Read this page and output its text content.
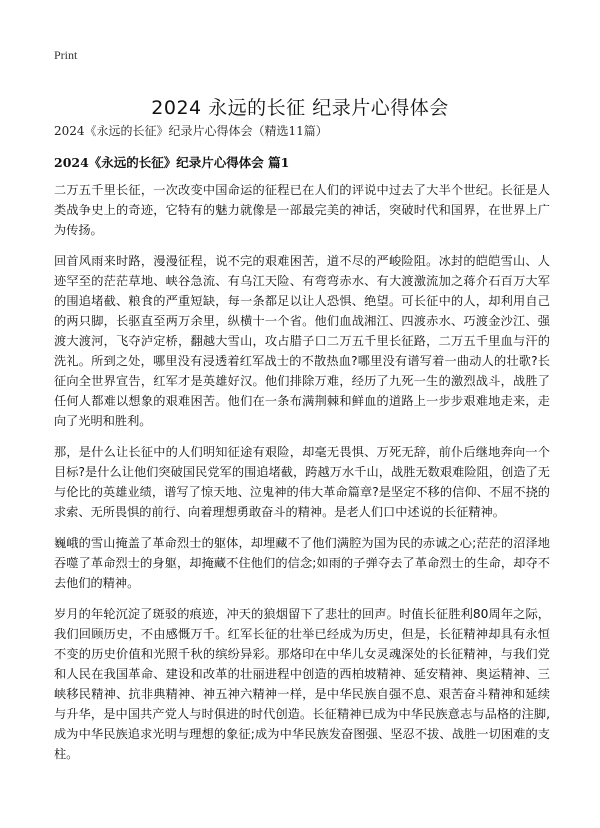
Print
2024 永远的长征 纪录片心得体会
2024《永远的长征》纪录片心得体会（精选11篇）
2024《永远的长征》纪录片心得体会 篇1

二万五千里长征，一次改变中国命运的征程已在人们的评说中过去了大半个世纪。长征是人类战争史上的奇迹，它特有的魅力就像是一部最完美的神话，突破时代和国界，在世界上广为传扬。

回首风雨来时路，漫漫征程，说不完的艰难困苦，道不尽的严峻险阻。冰封的皑皑雪山、人迹罕至的茫茫草地、峡谷急流、有乌江天险、有弯弯赤水、有大渡激流加之蒋介石百万大军的围追堵截、粮食的严重短缺，每一条都足以让人恐惧、绝望。可长征中的人，却利用自己的两只脚，长驱直至两万余里，纵横十一个省。他们血战湘江、四渡赤水、巧渡金沙江、强渡大渡河，飞夺泸定桥，翻越大雪山，攻占腊子口二万五千里长征路，二万五千里血与汗的洗礼。所到之处，哪里没有浸透着红军战士的不散热血?哪里没有谱写着一曲动人的壮歌?长征向全世界宣告，红军才是英雄好汉。他们排除万难，经历了九死一生的激烈战斗，战胜了任何人都难以想象的艰难困苦。他们在一条布满荆棘和鲜血的道路上一步步艰难地走来，走向了光明和胜利。

那，是什么让长征中的人们明知征途有艰险，却毫无畏惧、万死无辞，前仆后继地奔向一个目标?是什么让他们突破国民党军的围追堵截，跨越万水千山，战胜无数艰难险阻，创造了无与伦比的英雄业绩，谱写了惊天地、泣鬼神的伟大革命篇章?是坚定不移的信仰、不屈不挠的求索、无所畏惧的前行、向着理想勇敢奋斗的精神。是老人们口中述说的长征精神。

巍峨的雪山掩盖了革命烈士的躯体，却埋藏不了他们满腔为国为民的赤诚之心;茫茫的沼泽地吞噬了革命烈士的身躯，却掩藏不住他们的信念;如雨的子弹夺去了革命烈士的生命，却夺不去他们的精神。

岁月的年轮沉淀了斑驳的痕迹，冲天的狼烟留下了悲壮的回声。时值长征胜利80周年之际，我们回顾历史，不由感慨万千。红军长征的壮举已经成为历史，但是，长征精神却具有永恒不变的历史价值和光照千秋的缤纷异彩。那烙印在中华儿女灵魂深处的长征精神，与我们党和人民在我国革命、建设和改革的壮丽进程中创造的西柏坡精神、延安精神、奥运精神、三峡移民精神、抗非典精神、神五神六精神一样，是中华民族自强不息、艰苦奋斗精神和延续与升华，是中国共产党人与时俱进的时代创造。长征精神已成为中华民族意志与品格的注脚,成为中华民族追求光明与理想的象征;成为中华民族发奋图强、坚忍不拔、战胜一切困难的支柱。
